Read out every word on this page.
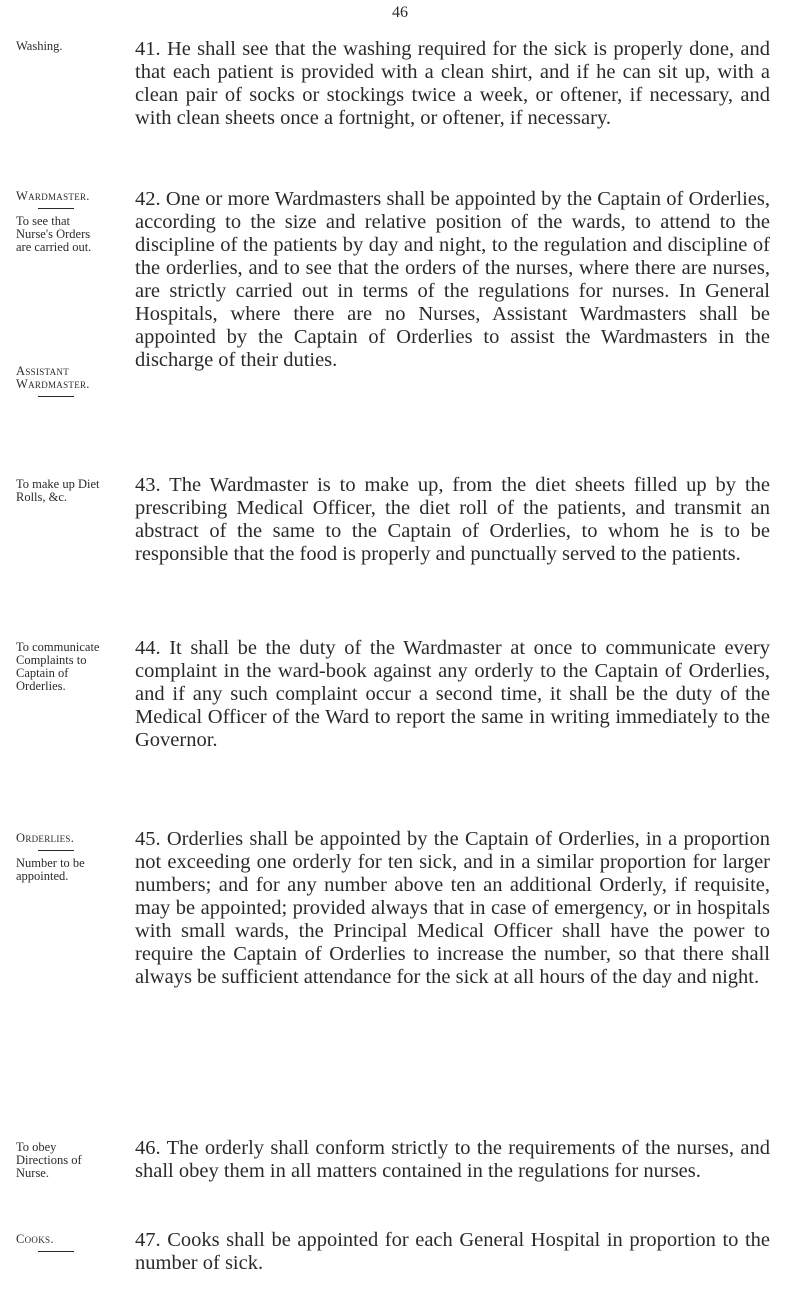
46
Washing.	41. He shall see that the washing required for the sick is properly done, and that each patient is provided with a clean shirt, and if he can sit up, with a clean pair of socks or stockings twice a week, or oftener, if necessary, and with clean sheets once a fortnight, or oftener, if necessary.
Wardmaster.
To see that Nurse's Orders are carried out.
Assistant Wardmaster.
42. One or more Wardmasters shall be appointed by the Captain of Orderlies, according to the size and relative position of the wards, to attend to the discipline of the patients by day and night, to the regulation and discipline of the orderlies, and to see that the orders of the nurses, where there are nurses, are strictly carried out in terms of the regulations for nurses. In General Hospitals, where there are no Nurses, Assistant Wardmasters shall be appointed by the Captain of Orderlies to assist the Wardmasters in the discharge of their duties.
To make up Diet Rolls, &c.
43. The Wardmaster is to make up, from the diet sheets filled up by the prescribing Medical Officer, the diet roll of the patients, and transmit an abstract of the same to the Captain of Orderlies, to whom he is to be responsible that the food is properly and punctually served to the patients.
To communicate Complaints to Captain of Orderlies.
44. It shall be the duty of the Wardmaster at once to communicate every complaint in the ward-book against any orderly to the Captain of Orderlies, and if any such complaint occur a second time, it shall be the duty of the Medical Officer of the Ward to report the same in writing immediately to the Governor.
Orderlies.
Number to be appointed.
45. Orderlies shall be appointed by the Captain of Orderlies, in a proportion not exceeding one orderly for ten sick, and in a similar proportion for larger numbers; and for any number above ten an additional Orderly, if requisite, may be appointed; provided always that in case of emergency, or in hospitals with small wards, the Principal Medical Officer shall have the power to require the Captain of Orderlies to increase the number, so that there shall always be sufficient attendance for the sick at all hours of the day and night.
To obey Directions of Nurse.
46. The orderly shall conform strictly to the requirements of the nurses, and shall obey them in all matters contained in the regulations for nurses.
Cooks.	47. Cooks shall be appointed for each General Hospital in proportion to the number of sick.
